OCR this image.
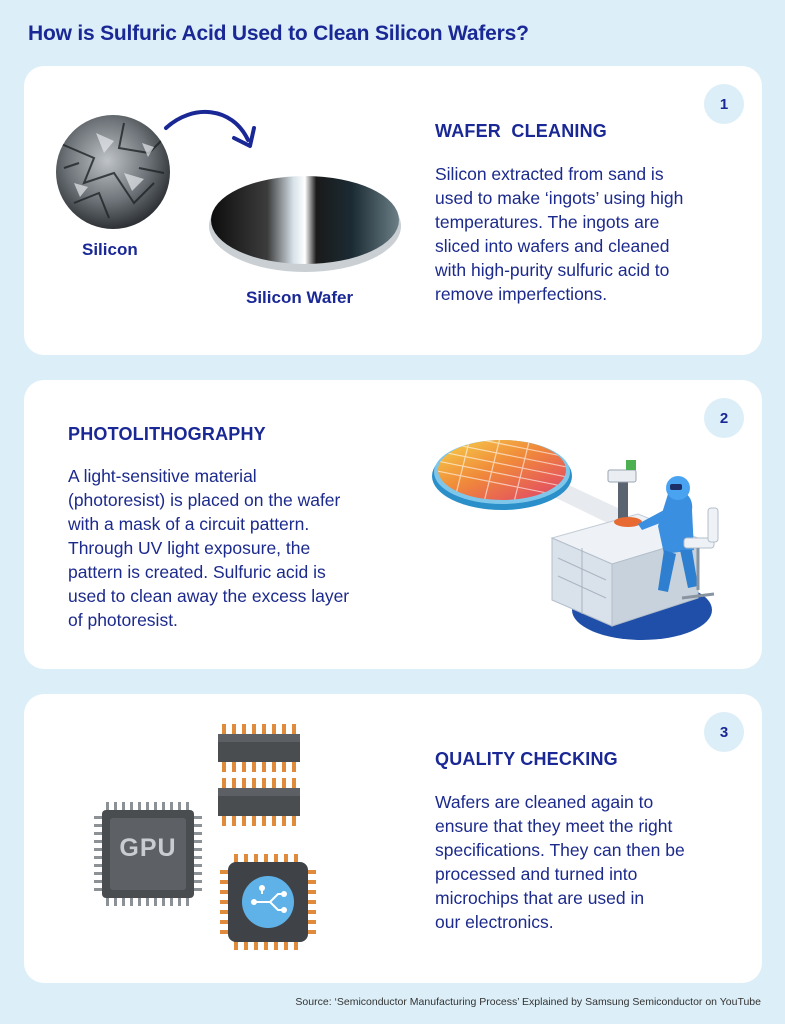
How is Sulfuric Acid Used to Clean Silicon Wafers?
1
Silicon
Silicon Wafer
WAFER  CLEANING
Silicon extracted from sand is
used to make ‘ingots’ using high
temperatures. The ingots are
sliced into wafers and cleaned
with high-purity sulfuric acid to
remove imperfections.
2
PHOTOLITHOGRAPHY
A light-sensitive material
(photoresist) is placed on the wafer
with a mask of a circuit pattern.
Through UV light exposure, the
pattern is created. Sulfuric acid is
used to clean away the excess layer
of photoresist.
3
GPU
QUALITY CHECKING
Wafers are cleaned again to
ensure that they meet the right
specifications. They can then be
processed and turned into
microchips that are used in
our electronics.
Source: ‘Semiconductor Manufacturing Process’ Explained by Samsung Semiconductor on YouTube
